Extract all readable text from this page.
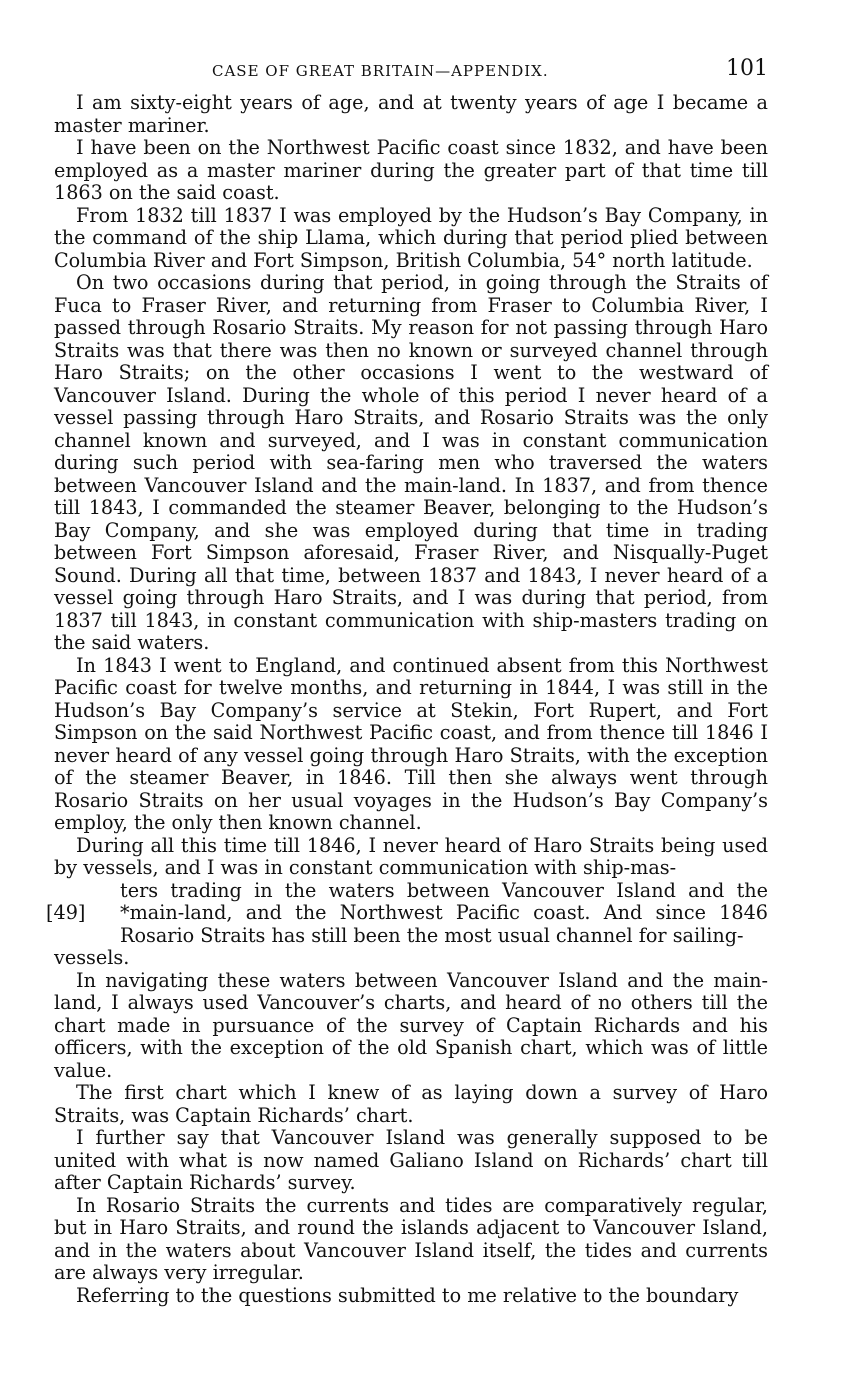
CASE OF GREAT BRITAIN—APPENDIX.	101

I am sixty-eight years of age, and at twenty years of age I became a master mariner.

I have been on the Northwest Pacific coast since 1832, and have been employed as a master mariner during the greater part of that time till 1863 on the said coast.

From 1832 till 1837 I was employed by the Hudson’s Bay Company, in the command of the ship Llama, which during that period plied between Columbia River and Fort Simpson, British Columbia, 54° north latitude.

On two occasions during that period, in going through the Straits of Fuca to Fraser River, and returning from Fraser to Columbia River, I passed through Rosario Straits. My reason for not passing through Haro Straits was that there was then no known or surveyed channel through Haro Straits; on the other occasions I went to the westward of Vancouver Island. During the whole of this period I never heard of a vessel passing through Haro Straits, and Rosario Straits was the only channel known and surveyed, and I was in constant communication during such period with sea-faring men who traversed the waters between Vancouver Island and the main-land. In 1837, and from thence till 1843, I commanded the steamer Beaver, belonging to the Hudson’s Bay Company, and she was employed during that time in trading between Fort Simpson aforesaid, Fraser River, and Nisqually-Puget Sound. During all that time, between 1837 and 1843, I never heard of a vessel going through Haro Straits, and I was during that period, from 1837 till 1843, in constant communication with ship-masters trading on the said waters.

In 1843 I went to England, and continued absent from this Northwest Pacific coast for twelve months, and returning in 1844, I was still in the Hudson’s Bay Company’s service at Stekin, Fort Rupert, and Fort Simpson on the said Northwest Pacific coast, and from thence till 1846 I never heard of any vessel going through Haro Straits, with the exception of the steamer Beaver, in 1846. Till then she always went through Rosario Straits on her usual voyages in the Hudson’s Bay Company’s employ, the only then known channel.

During all this time till 1846, I never heard of Haro Straits being used by vessels, and I was in constant communication with ship-mas-

[49]
ters trading in the waters between Vancouver Island and the *main-land, and the Northwest Pacific coast. And since 1846 Rosario Straits has still been the most usual channel for sailing-

vessels.

In navigating these waters between Vancouver Island and the main-land, I always used Vancouver’s charts, and heard of no others till the chart made in pursuance of the survey of Captain Richards and his officers, with the exception of the old Spanish chart, which was of little value.

The first chart which I knew of as laying down a survey of Haro Straits, was Captain Richards’ chart.

I further say that Vancouver Island was generally supposed to be united with what is now named Galiano Island on Richards’ chart till after Captain Richards’ survey.

In Rosario Straits the currents and tides are comparatively regular, but in Haro Straits, and round the islands adjacent to Vancouver Island, and in the waters about Vancouver Island itself, the tides and currents are always very irregular.

Referring to the questions submitted to me relative to the boundary
